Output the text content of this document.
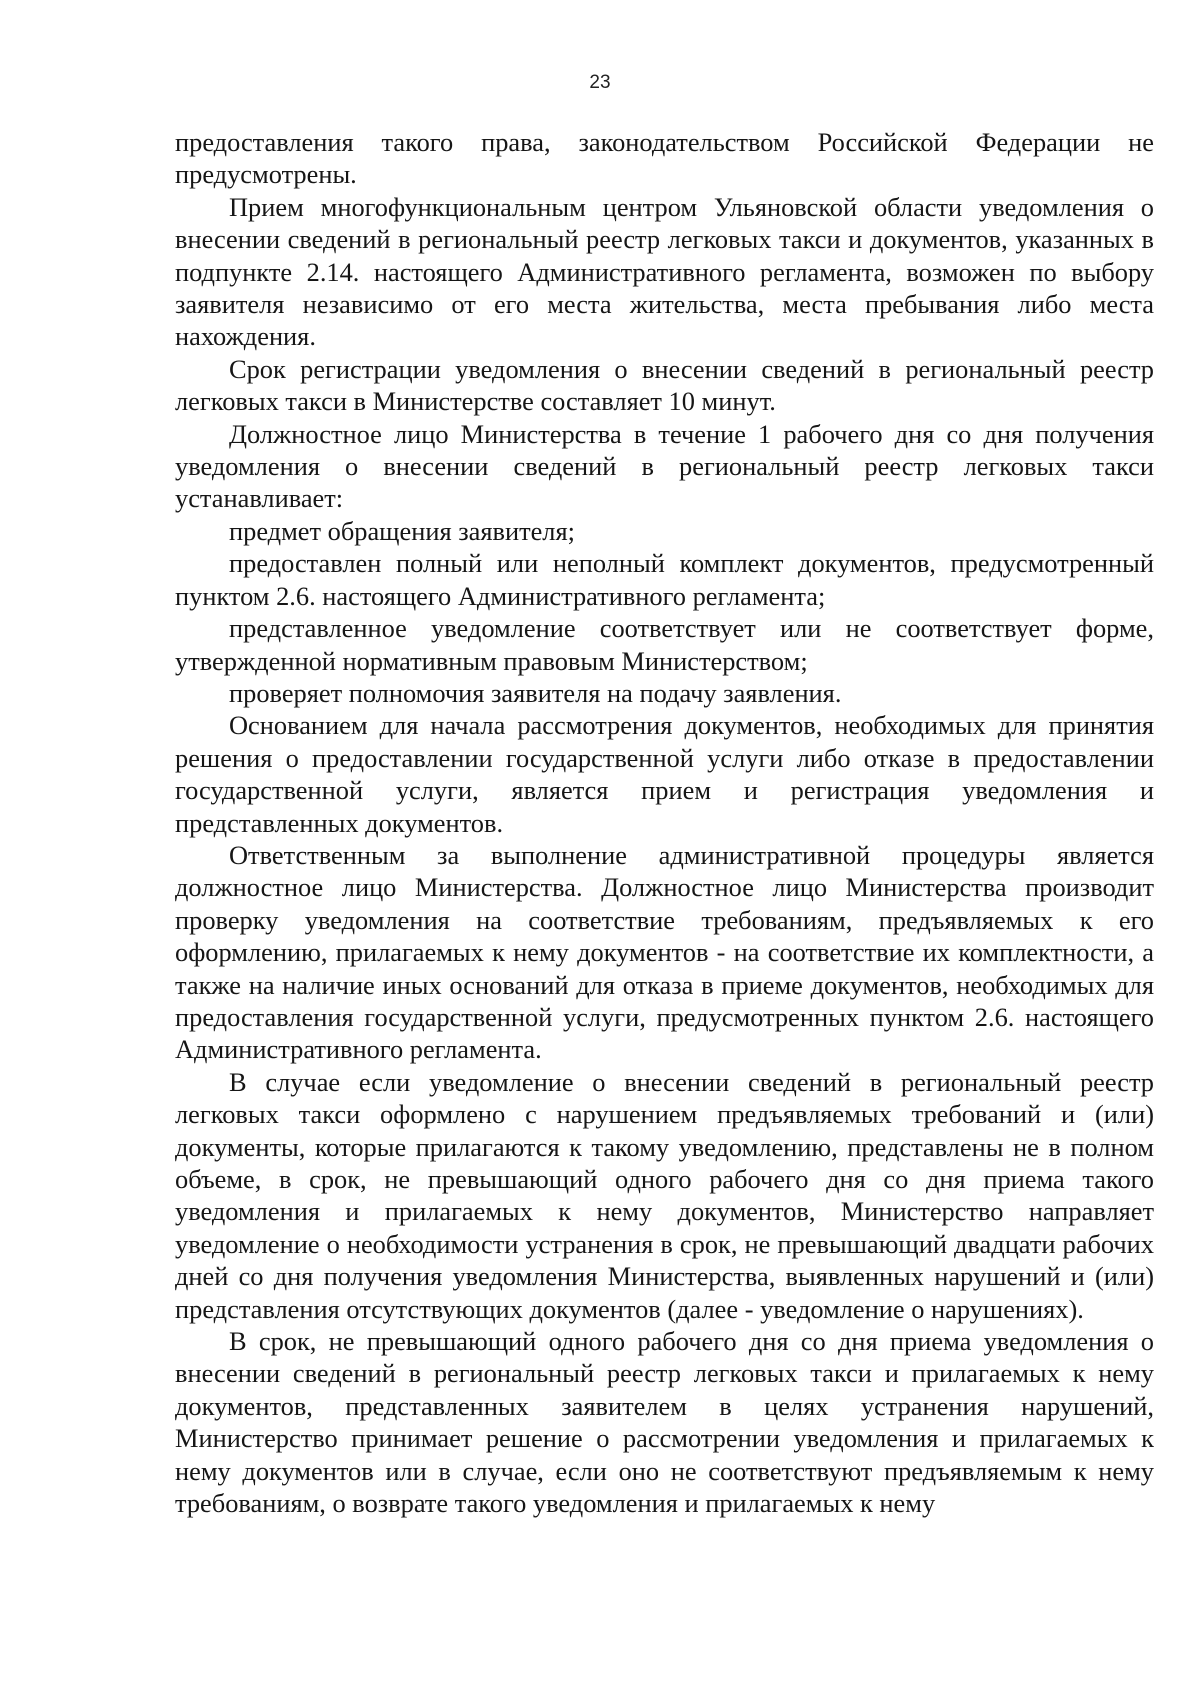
23

предоставления такого права, законодательством Российской Федерации не предусмотрены.

Прием многофункциональным центром Ульяновской области уведомления о внесении сведений в региональный реестр легковых такси и документов, указанных в подпункте 2.14. настоящего Административного регламента, возможен по выбору заявителя независимо от его места жительства, места пребывания либо места нахождения.

Срок регистрации уведомления о внесении сведений в региональный реестр легковых такси в Министерстве составляет 10 минут.

Должностное лицо Министерства в течение 1 рабочего дня со дня получения уведомления о внесении сведений в региональный реестр легковых такси устанавливает:

предмет обращения заявителя;

предоставлен полный или неполный комплект документов, предусмотренный пунктом 2.6. настоящего Административного регламента;

представленное уведомление соответствует или не соответствует форме, утвержденной нормативным правовым Министерством;

проверяет полномочия заявителя на подачу заявления.

Основанием для начала рассмотрения документов, необходимых для принятия решения о предоставлении государственной услуги либо отказе в предоставлении государственной услуги, является прием и регистрация уведомления и представленных документов.

Ответственным за выполнение административной процедуры является должностное лицо Министерства. Должностное лицо Министерства производит проверку уведомления на соответствие требованиям, предъявляемых к его оформлению, прилагаемых к нему документов - на соответствие их комплектности, а также на наличие иных оснований для отказа в приеме документов, необходимых для предоставления государственной услуги, предусмотренных пунктом 2.6. настоящего Административного регламента.

В случае если уведомление о внесении сведений в региональный реестр легковых такси оформлено с нарушением предъявляемых требований и (или) документы, которые прилагаются к такому уведомлению, представлены не в полном объеме, в срок, не превышающий одного рабочего дня со дня приема такого уведомления и прилагаемых к нему документов, Министерство направляет уведомление о необходимости устранения в срок, не превышающий двадцати рабочих дней со дня получения уведомления Министерства, выявленных нарушений и (или) представления отсутствующих документов (далее - уведомление о нарушениях).

В срок, не превышающий одного рабочего дня со дня приема уведомления о внесении сведений в региональный реестр легковых такси и прилагаемых к нему документов, представленных заявителем в целях устранения нарушений, Министерство принимает решение о рассмотрении уведомления и прилагаемых к нему документов или в случае, если оно не соответствуют предъявляемым к нему требованиям, о возврате такого уведомления и прилагаемых к нему
